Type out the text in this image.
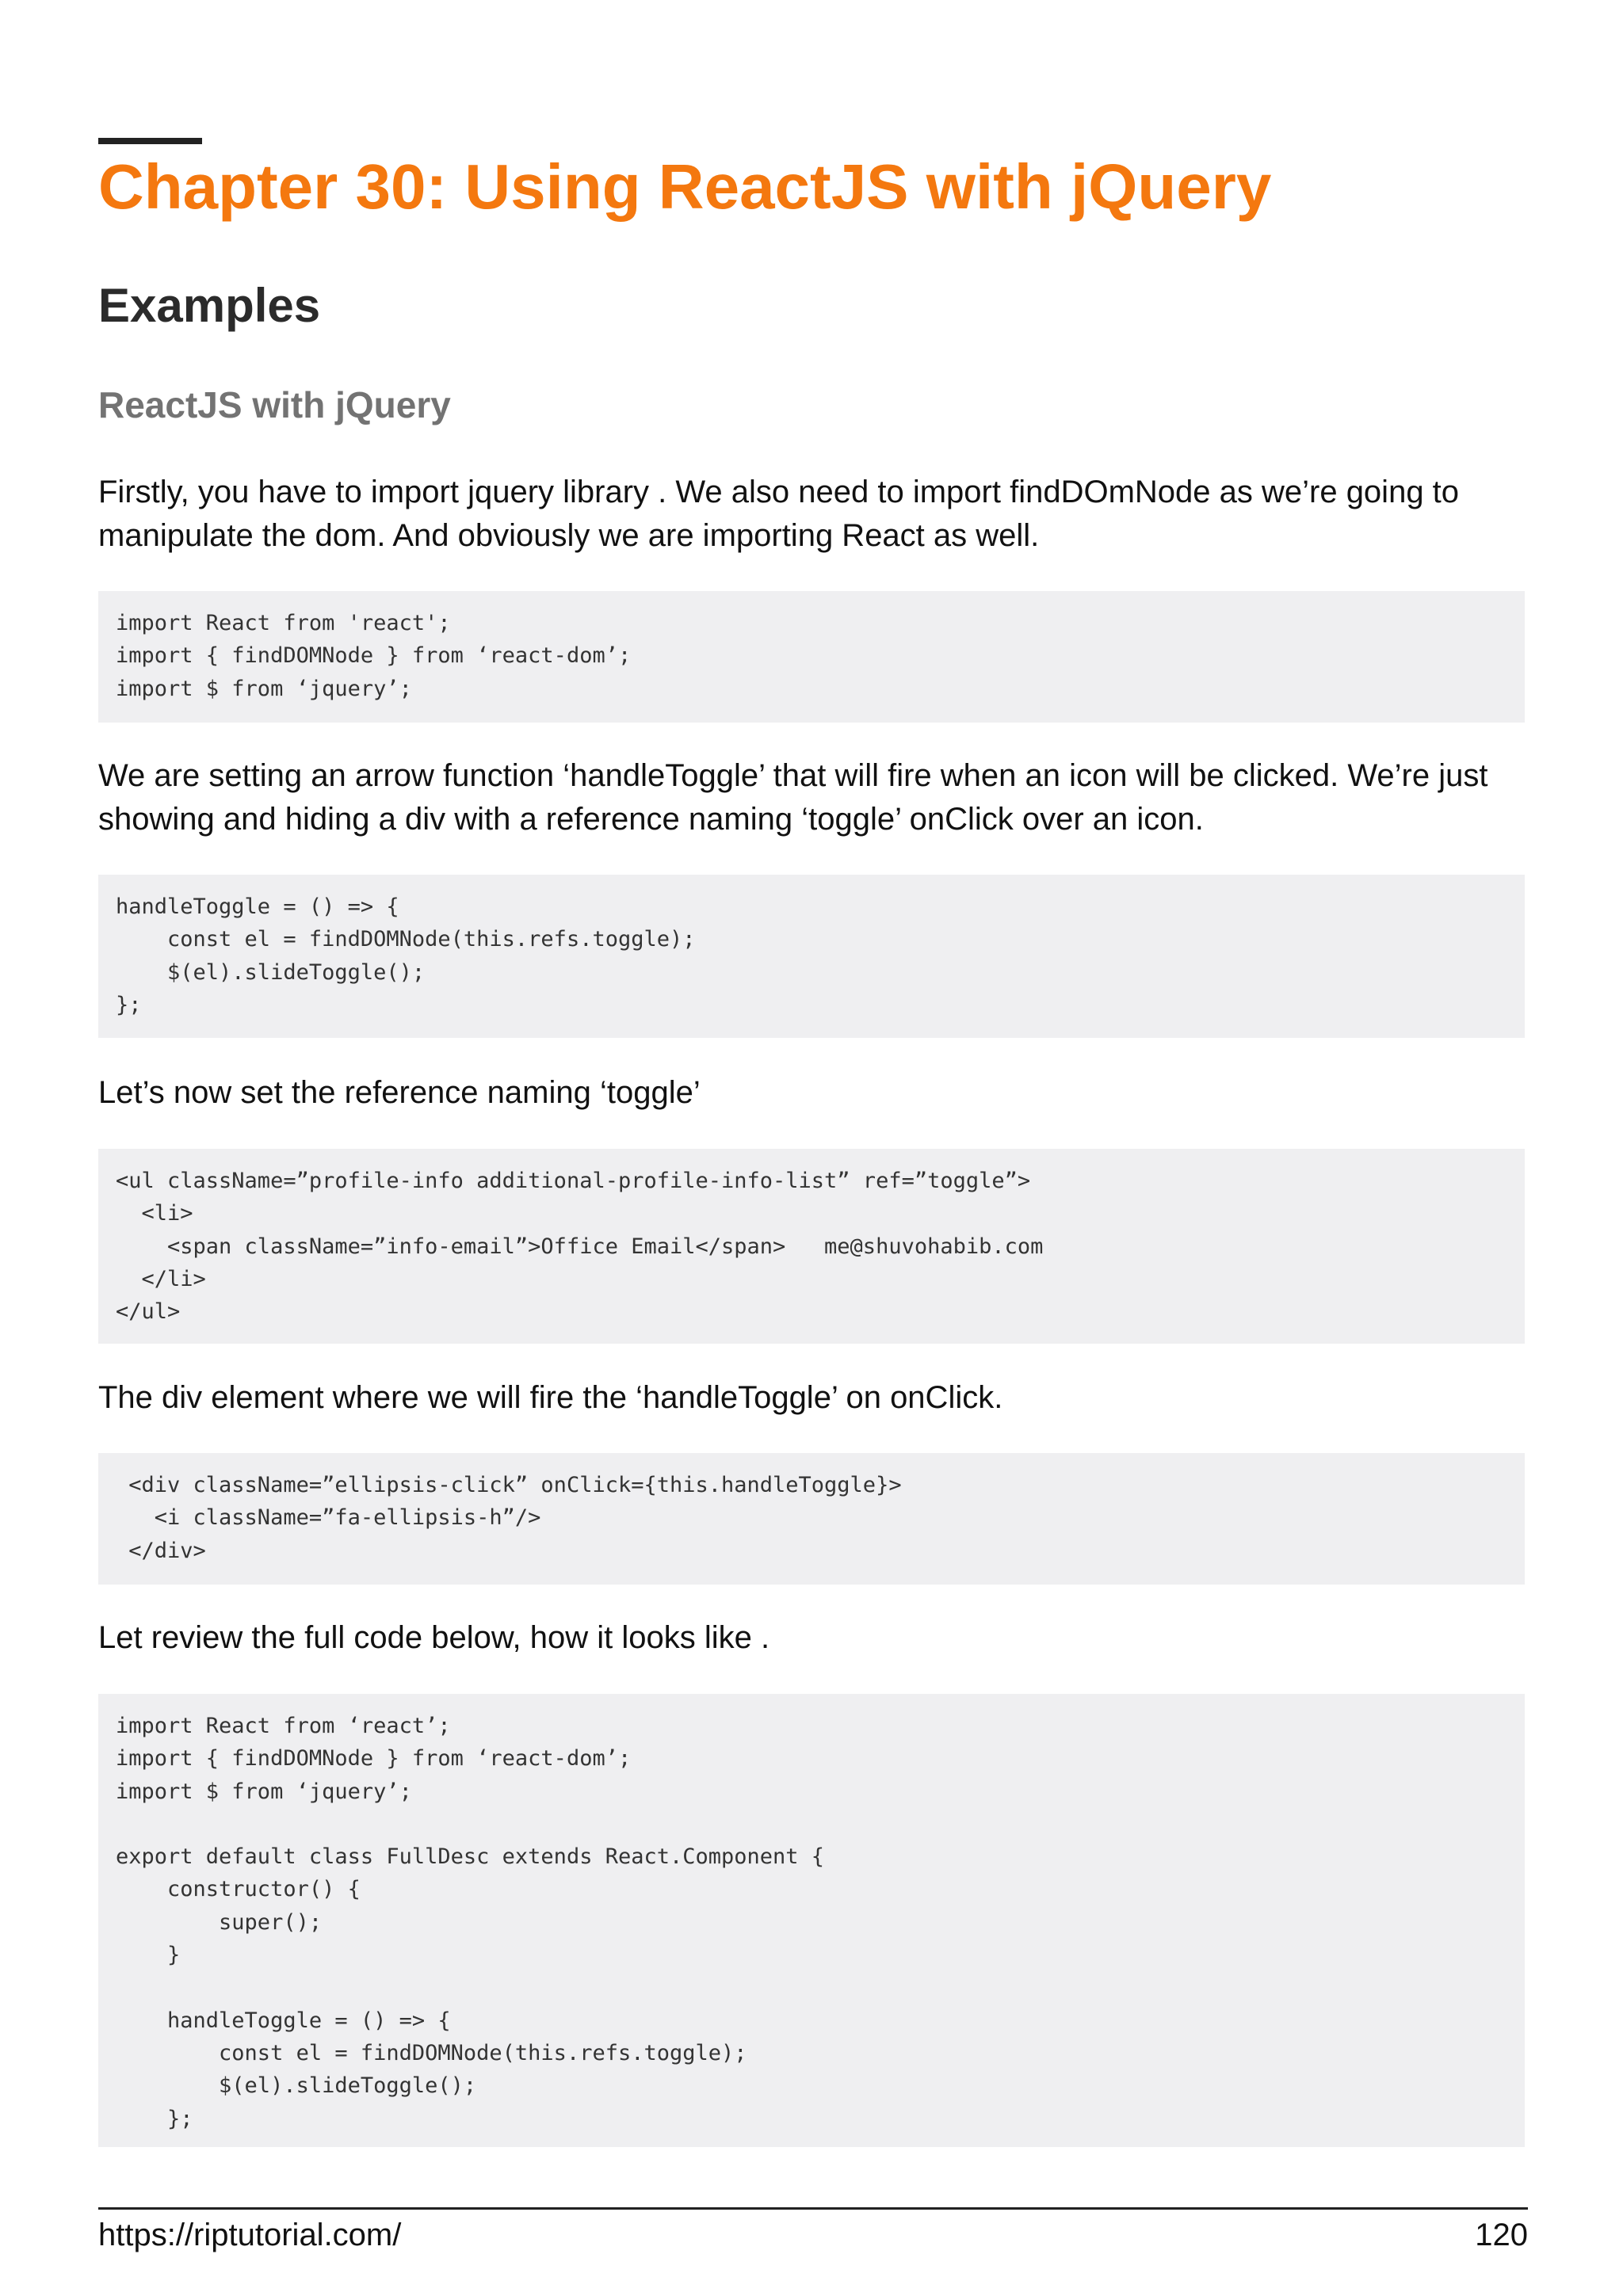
Chapter 30: Using ReactJS with jQuery
Examples
ReactJS with jQuery

Firstly, you have to import jquery library . We also need to import findDOmNode as we’re going to manipulate the dom. And obviously we are importing React as well.

import React from 'react';
import { findDOMNode } from ‘react-dom’;
import $ from ‘jquery’;

We are setting an arrow function ‘handleToggle’ that will fire when an icon will be clicked. We’re just showing and hiding a div with a reference naming ‘toggle’ onClick over an icon.

handleToggle = () => {
const el = findDOMNode(this.refs.toggle);
$(el).slideToggle();
};

Let’s now set the reference naming ‘toggle’

<ul className=”profile-info additional-profile-info-list” ref=”toggle”>
<li>
<span className=”info-email”>Office Email</span>   me@shuvohabib.com
</li>
</ul>

The div element where we will fire the ‘handleToggle’ on onClick.

<div className=”ellipsis-click” onClick={this.handleToggle}>
<i className=”fa-ellipsis-h”/>
</div>

Let review the full code below, how it looks like .

import React from ‘react’;
import { findDOMNode } from ‘react-dom’;
import $ from ‘jquery’;

export default class FullDesc extends React.Component {
constructor() {
super();
}

handleToggle = () => {
const el = findDOMNode(this.refs.toggle);
$(el).slideToggle();
};
https://riptutorial.com/	120
